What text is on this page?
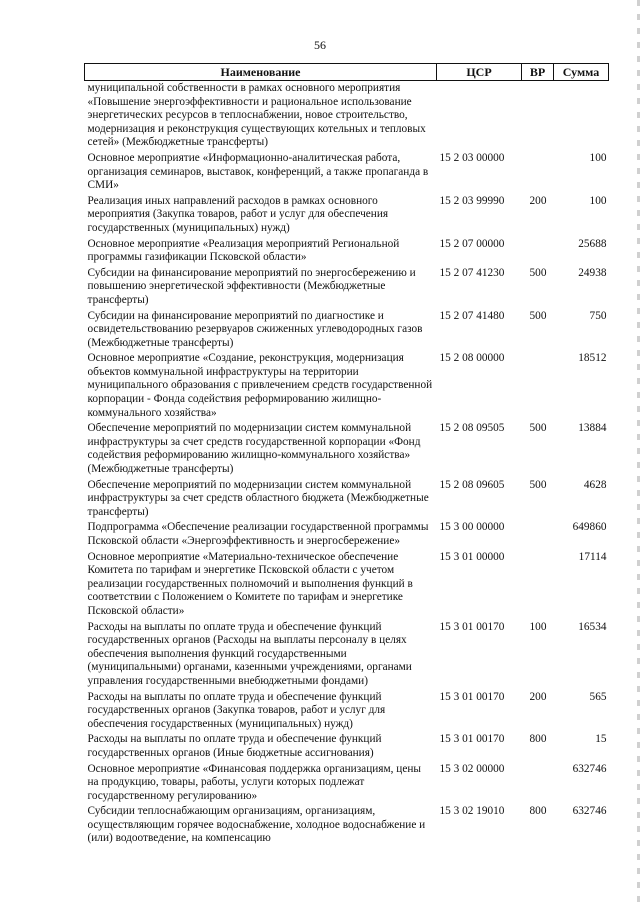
56
Наименование	ЦСР	ВР	Сумма
муниципальной собственности в рамках основного мероприятия «Повышение энергоэффективности и рациональное использование энергетических ресурсов в теплоснабжении, новое строительство, модернизация и реконструкция существующих котельных и тепловых сетей» (Межбюджетные трансферты)			
Основное мероприятие «Информационно-аналитическая работа, организация семинаров, выставок, конференций, а также пропаганда в СМИ»	15 2 03 00000		100
Реализация иных направлений расходов в рамках основного мероприятия (Закупка товаров, работ и услуг для обеспечения государственных (муниципальных) нужд)	15 2 03 99990	200	100
Основное мероприятие «Реализация мероприятий Региональной программы газификации Псковской области»	15 2 07 00000		25688
Субсидии на финансирование мероприятий по энергосбережению и повышению энергетической эффективности (Межбюджетные трансферты)	15 2 07 41230	500	24938
Субсидии на финансирование мероприятий по диагностике и освидетельствованию резервуаров сжиженных углеводородных газов (Межбюджетные трансферты)	15 2 07 41480	500	750
Основное мероприятие «Создание, реконструкция, модернизация объектов коммунальной инфраструктуры на территории муниципального образования с привлечением средств государственной корпорации - Фонда содействия реформированию жилищно-коммунального хозяйства»	15 2 08 00000		18512
Обеспечение мероприятий по модернизации систем коммунальной инфраструктуры за счет средств государственной корпорации «Фонд содействия реформированию жилищно-коммунального хозяйства» (Межбюджетные трансферты)	15 2 08 09505	500	13884
Обеспечение мероприятий по модернизации систем коммунальной инфраструктуры за счет средств областного бюджета (Межбюджетные трансферты)	15 2 08 09605	500	4628
Подпрограмма «Обеспечение реализации государственной программы Псковской области «Энергоэффективность и энергосбережение»	15 3 00 00000		649860
Основное мероприятие «Материально-техническое обеспечение Комитета по тарифам и энергетике Псковской области с учетом реализации государственных полномочий и выполнения функций в соответствии с Положением о Комитете по тарифам и энергетике Псковской области»	15 3 01 00000		17114
Расходы на выплаты по оплате труда и обеспечение функций государственных органов (Расходы на выплаты персоналу в целях обеспечения выполнения функций государственными (муниципальными) органами, казенными учреждениями, органами управления государственными внебюджетными фондами)	15 3 01 00170	100	16534
Расходы на выплаты по оплате труда и обеспечение функций государственных органов (Закупка товаров, работ и услуг для обеспечения государственных (муниципальных) нужд)	15 3 01 00170	200	565
Расходы на выплаты по оплате труда и обеспечение функций государственных органов (Иные бюджетные ассигнования)	15 3 01 00170	800	15
Основное мероприятие «Финансовая поддержка организациям, цены на продукцию, товары, работы, услуги которых подлежат государственному регулированию»	15 3 02 00000		632746
Субсидии теплоснабжающим организациям, организациям, осуществляющим горячее водоснабжение, холодное водоснабжение и (или) водоотведение, на компенсацию	15 3 02 19010	800	632746
